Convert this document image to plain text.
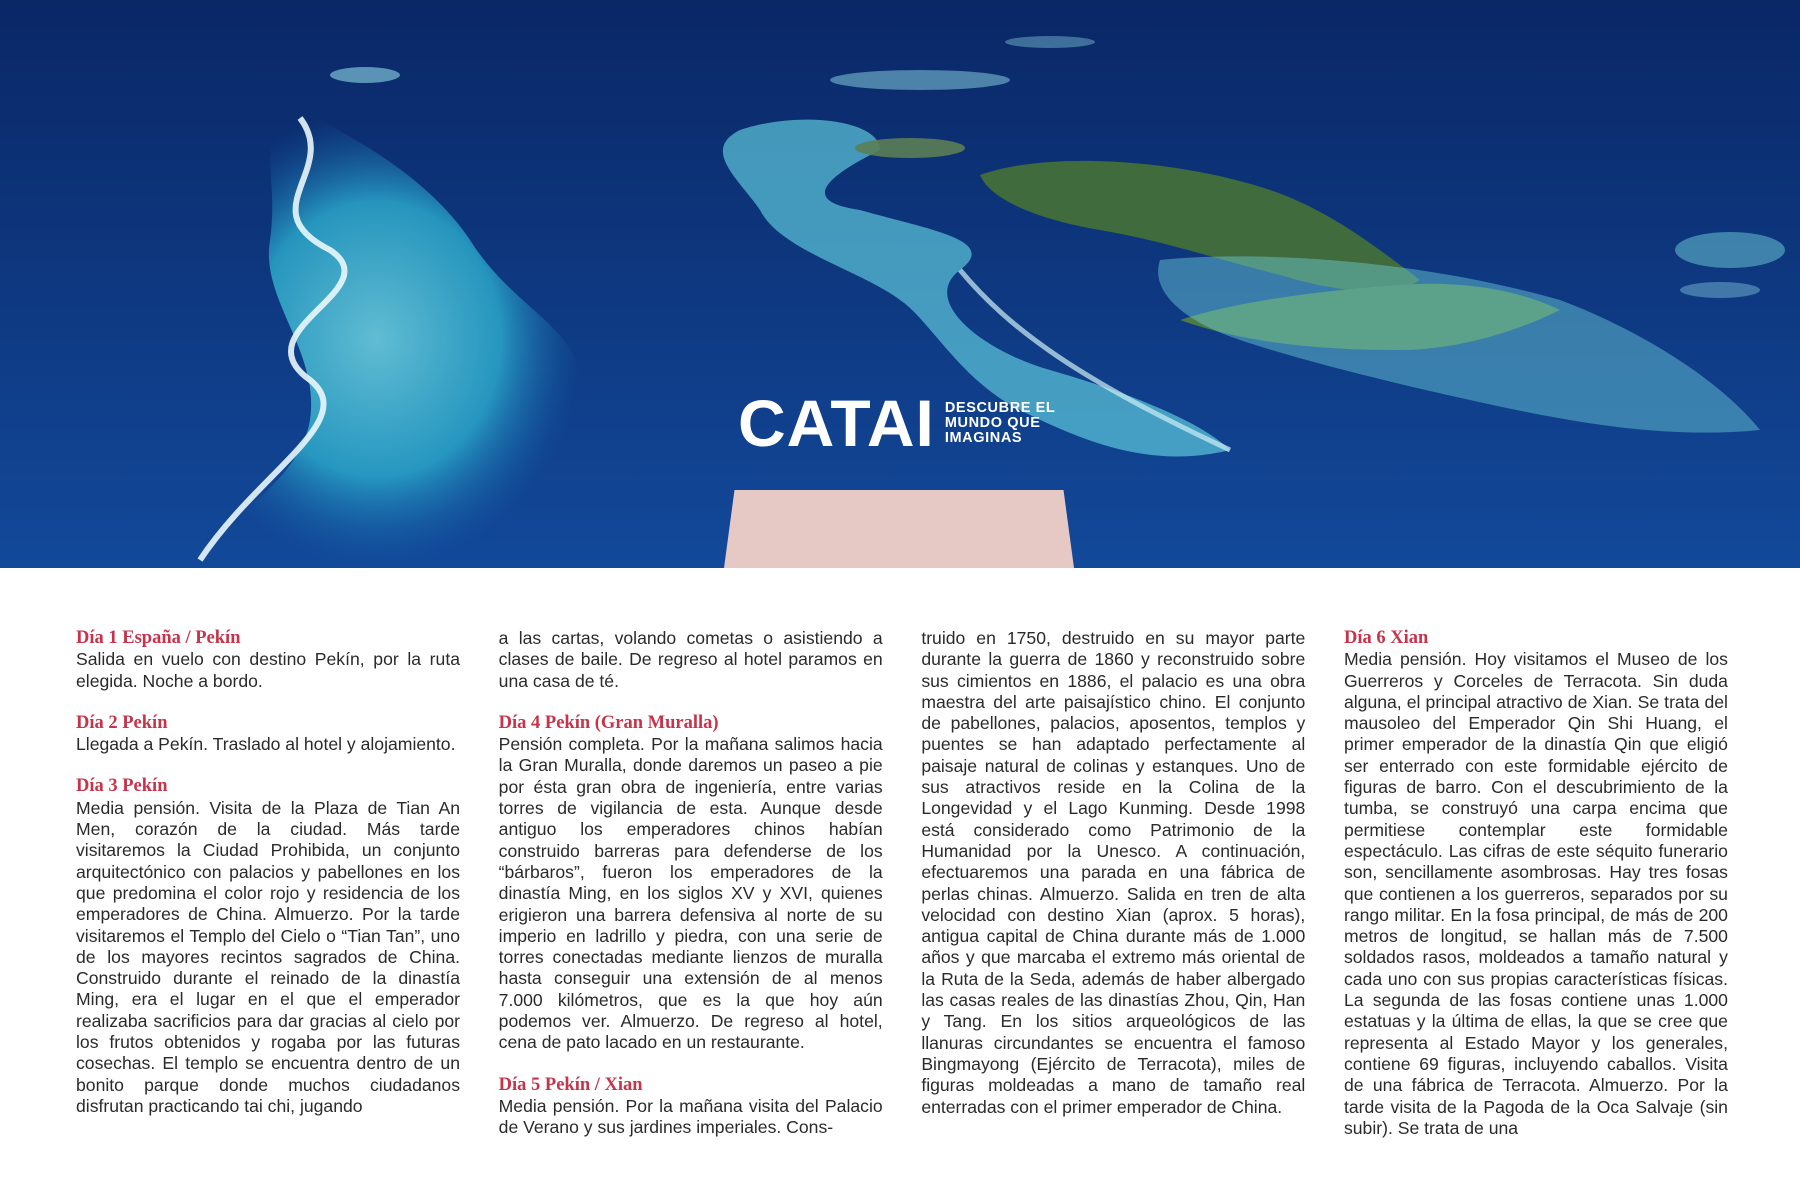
CATAI DESCUBRE EL
MUNDO QUE
IMAGINAS
Día 1 España / Pekín

Salida en vuelo con destino Pekín, por la ruta elegida. Noche a bordo.

Día 2 Pekín

Llegada a Pekín. Traslado al hotel y alojamiento.

Día 3 Pekín

Media pensión. Visita de la Plaza de Tian An Men, corazón de la ciudad. Más tarde visitaremos la Ciudad Prohibida, un conjunto arquitectónico con palacios y pabellones en los que predomina el color rojo y residencia de los emperadores de China. Almuerzo. Por la tarde visitaremos el Templo del Cielo o “Tian Tan”, uno de los mayores recintos sagrados de China. Construido durante el reinado de la dinastía Ming, era el lugar en el que el emperador realizaba sacrificios para dar gracias al cielo por los frutos obtenidos y rogaba por las futuras cosechas. El templo se encuentra dentro de un bonito parque donde muchos ciudadanos disfrutan practicando tai chi, jugando

a las cartas, volando cometas o asistiendo a clases de baile. De regreso al hotel paramos en una casa de té.

Día 4 Pekín (Gran Muralla)

Pensión completa. Por la mañana salimos hacia la Gran Muralla, donde daremos un paseo a pie por ésta gran obra de ingeniería, entre varias torres de vigilancia de esta. Aunque desde antiguo los emperadores chinos habían construido barreras para defenderse de los “bárbaros”, fueron los emperadores de la dinastía Ming, en los siglos XV y XVI, quienes erigieron una barrera defensiva al norte de su imperio en ladrillo y piedra, con una serie de torres conectadas mediante lienzos de muralla hasta conseguir una extensión de al menos 7.000 kilómetros, que es la que hoy aún podemos ver. Almuerzo. De regreso al hotel, cena de pato lacado en un restaurante.

Día 5 Pekín / Xian

Media pensión. Por la mañana visita del Palacio de Verano y sus jardines imperiales. Cons-

truido en 1750, destruido en su mayor parte durante la guerra de 1860 y reconstruido sobre sus cimientos en 1886, el palacio es una obra maestra del arte paisajístico chino. El conjunto de pabellones, palacios, aposentos, templos y puentes se han adaptado perfectamente al paisaje natural de colinas y estanques. Uno de sus atractivos reside en la Colina de la Longevidad y el Lago Kunming. Desde 1998 está considerado como Patrimonio de la Humanidad por la Unesco. A continuación, efectuaremos una parada en una fábrica de perlas chinas. Almuerzo. Salida en tren de alta velocidad con destino Xian (aprox. 5 horas), antigua capital de China durante más de 1.000 años y que marcaba el extremo más oriental de la Ruta de la Seda, además de haber albergado las casas reales de las dinastías Zhou, Qin, Han y Tang. En los sitios arqueológicos de las llanuras circundantes se encuentra el famoso Bingmayong (Ejército de Terracota), miles de figuras moldeadas a mano de tamaño real enterradas con el primer emperador de China.

Día 6 Xian

Media pensión. Hoy visitamos el Museo de los Guerreros y Corceles de Terracota. Sin duda alguna, el principal atractivo de Xian. Se trata del mausoleo del Emperador Qin Shi Huang, el primer emperador de la dinastía Qin que eligió ser enterrado con este formidable ejército de figuras de barro. Con el descubrimiento de la tumba, se construyó una carpa encima que permitiese contemplar este formidable espectáculo. Las cifras de este séquito funerario son, sencillamente asombrosas. Hay tres fosas que contienen a los guerreros, separados por su rango militar. En la fosa principal, de más de 200 metros de longitud, se hallan más de 7.500 soldados rasos, moldeados a tamaño natural y cada uno con sus propias características físicas. La segunda de las fosas contiene unas 1.000 estatuas y la última de ellas, la que se cree que representa al Estado Mayor y los generales, contiene 69 figuras, incluyendo caballos. Visita de una fábrica de Terracota. Almuerzo. Por la tarde visita de la Pagoda de la Oca Salvaje (sin subir). Se trata de una
